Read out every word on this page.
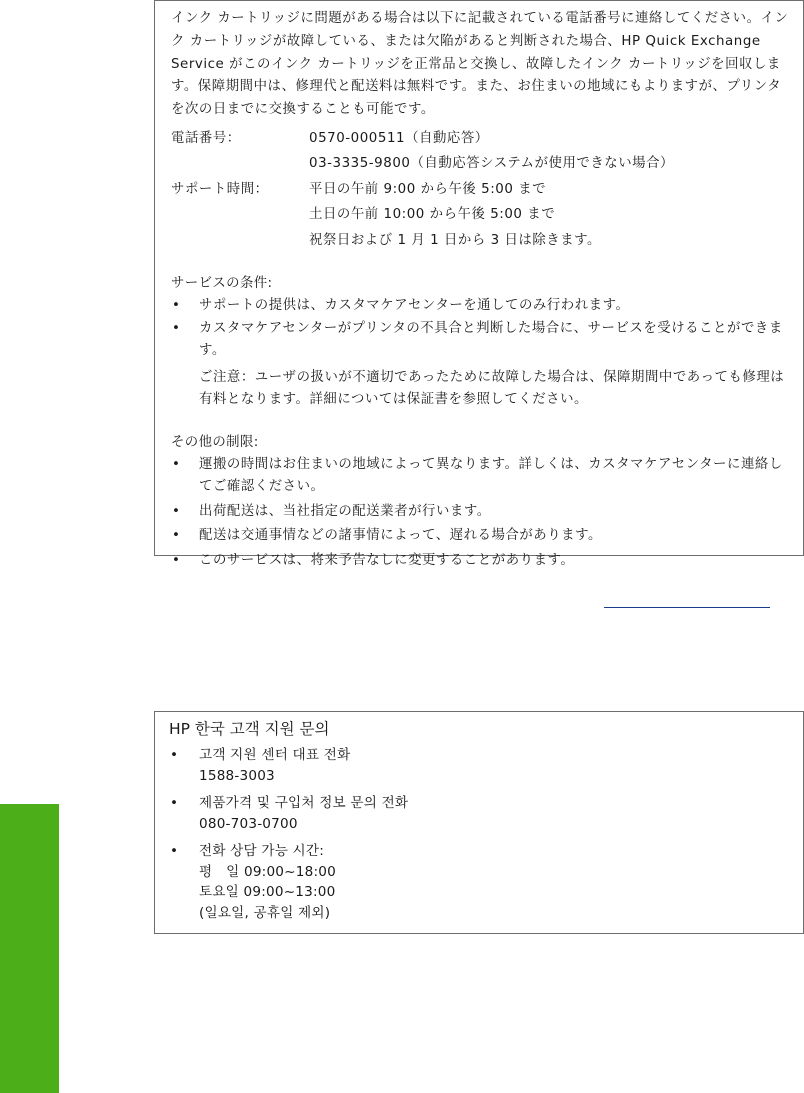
インク カートリッジに問題がある場合は以下に記載されている電話番号に連絡してください。インク カートリッジが故障している、または欠陥があると判断された場合、HP Quick Exchange Service がこのインク カートリッジを正常品と交換し、故障したインク カートリッジを回収します。保障期間中は、修理代と配送料は無料です。また、お住まいの地域にもよりますが、プリンタを次の日までに交換することも可能です。

電話番号：	0570-000511（自動応答）
03-3335-9800（自動応答システムが使用できない場合）
サポート時間：	平日の午前 9:00 から午後 5:00 まで
土日の午前 10:00 から午後 5:00 まで
祝祭日および 1 月 1 日から 3 日は除きます。

サービスの条件:

• サポートの提供は、カスタマケアセンターを通してのみ行われます。
• カスタマケアセンターがプリンタの不具合と判断した場合に、サービスを受けることができます。
ご注意：ユーザの扱いが不適切であったために故障した場合は、保障期間中であっても修理は有料となります。詳細については保証書を参照してください。

その他の制限:

• 運搬の時間はお住まいの地域によって異なります。詳しくは、カスタマケアセンターに連絡してご確認ください。
• 出荷配送は、当社指定の配送業者が行います。
• 配送は交通事情などの諸事情によって、遅れる場合があります。
• このサービスは、将来予告なしに変更することがあります。

HP 한국 고객 지원 문의

• 고객 지원 센터 대표 전화
1588-3003
• 제품가격 및 구입처 정보 문의 전화
080-703-0700
• 전화 상담 가능 시간:
평　일 09:00~18:00
토요일 09:00~13:00
(일요일, 공휴일 제외)
